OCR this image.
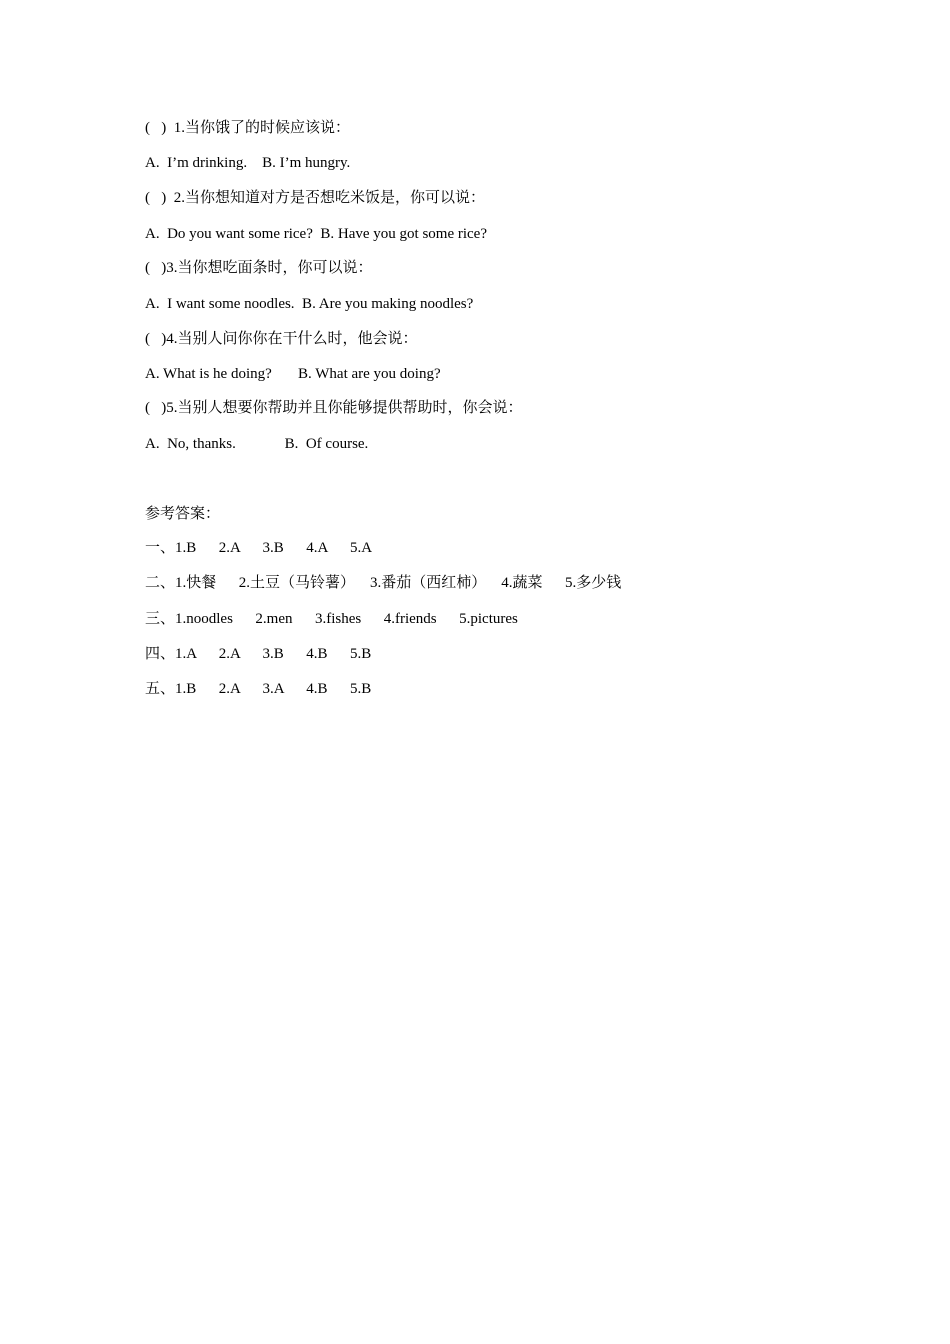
(   )  1.当你饿了的时候应该说：
A.  I’m drinking.    B. I’m hungry.
(   )  2.当你想知道对方是否想吃米饭是，你可以说：
A.  Do you want some rice?  B. Have you got some rice?
(   )3.当你想吃面条时，你可以说：
A.  I want some noodles.  B. Are you making noodles?
(   )4.当别人问你你在干什么时，他会说：
A. What is he doing?       B. What are you doing?
(   )5.当别人想要你帮助并且你能够提供帮助时，你会说：
A.  No, thanks.             B.  Of course.
参考答案：
一、1.B      2.A      3.B      4.A      5.A
二、1.快餐      2.土豆（马铃薯）    3.番茄（西红柿）    4.蔬菜      5.多少钱
三、1.noodles      2.men      3.fishes      4.friends      5.pictures
四、1.A      2.A      3.B      4.B      5.B
五、1.B      2.A      3.A      4.B      5.B
